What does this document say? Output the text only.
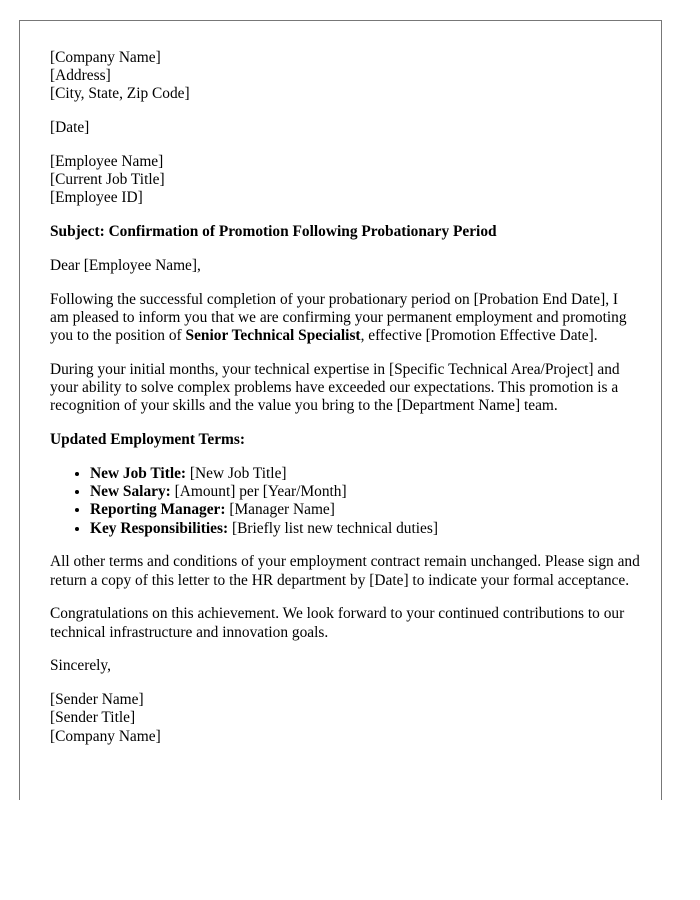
[Company Name]
[Address]
[City, State, Zip Code]

[Date]

[Employee Name]
[Current Job Title]
[Employee ID]

Subject: Confirmation of Promotion Following Probationary Period

Dear [Employee Name],

Following the successful completion of your probationary period on [Probation End Date], I am pleased to inform you that we are confirming your permanent employment and promoting you to the position of Senior Technical Specialist, effective [Promotion Effective Date].

During your initial months, your technical expertise in [Specific Technical Area/Project] and your ability to solve complex problems have exceeded our expectations. This promotion is a recognition of your skills and the value you bring to the [Department Name] team.

Updated Employment Terms:

• New Job Title: [New Job Title]
• New Salary: [Amount] per [Year/Month]
• Reporting Manager: [Manager Name]
• Key Responsibilities: [Briefly list new technical duties]

All other terms and conditions of your employment contract remain unchanged. Please sign and return a copy of this letter to the HR department by [Date] to indicate your formal acceptance.

Congratulations on this achievement. We look forward to your continued contributions to our technical infrastructure and innovation goals.

Sincerely,

[Sender Name]
[Sender Title]
[Company Name]
